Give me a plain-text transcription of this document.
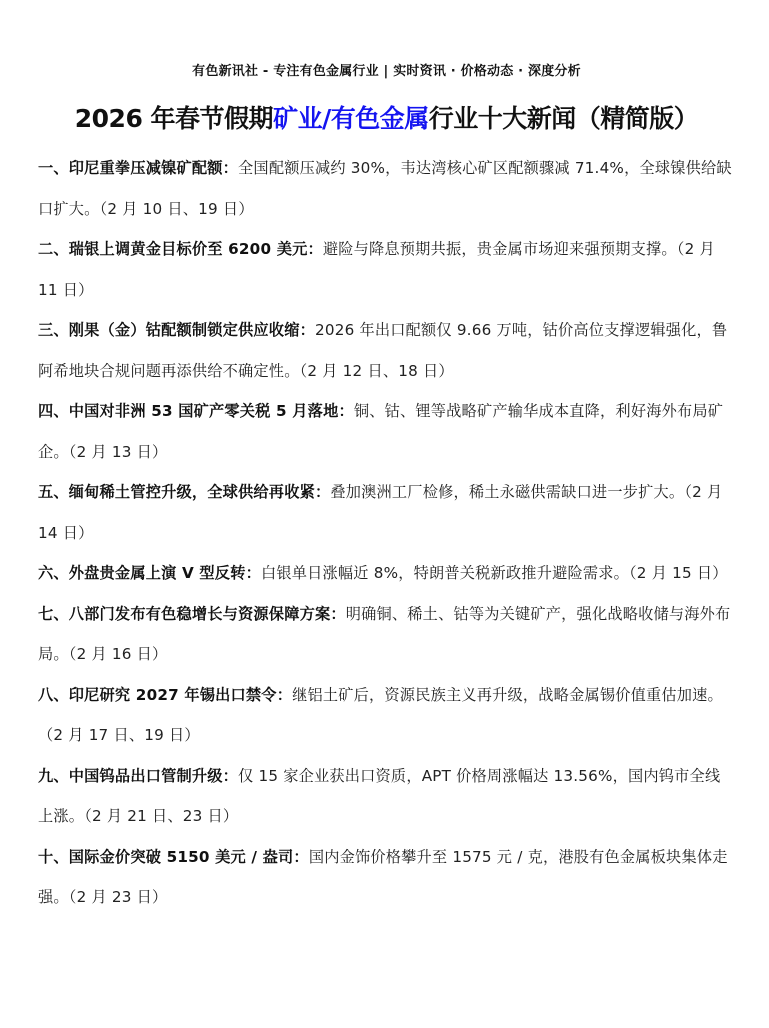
有色新讯社 - 专注有色金属行业 | 实时资讯 · 价格动态 · 深度分析
2026 年春节假期矿业/有色金属行业十大新闻（精简版）
一、印尼重拳压减镍矿配额：全国配额压减约 30%，韦达湾核心矿区配额骤减 71.4%，全球镍供给缺口扩大。（2 月 10 日、19 日）
二、瑞银上调黄金目标价至 6200 美元：避险与降息预期共振，贵金属市场迎来强预期支撑。（2 月 11 日）
三、刚果（金）钴配额制锁定供应收缩：2026 年出口配额仅 9.66 万吨，钴价高位支撑逻辑强化，鲁阿希地块合规问题再添供给不确定性。（2 月 12 日、18 日）
四、中国对非洲 53 国矿产零关税 5 月落地：铜、钴、锂等战略矿产输华成本直降，利好海外布局矿企。（2 月 13 日）
五、缅甸稀土管控升级，全球供给再收紧：叠加澳洲工厂检修，稀土永磁供需缺口进一步扩大。（2 月 14 日）
六、外盘贵金属上演 V 型反转：白银单日涨幅近 8%，特朗普关税新政推升避险需求。（2 月 15 日）
七、八部门发布有色稳增长与资源保障方案：明确铜、稀土、钴等为关键矿产，强化战略收储与海外布局。（2 月 16 日）
八、印尼研究 2027 年锡出口禁令：继铝土矿后，资源民族主义再升级，战略金属锡价值重估加速。（2 月 17 日、19 日）
九、中国钨品出口管制升级：仅 15 家企业获出口资质，APT 价格周涨幅达 13.56%，国内钨市全线上涨。（2 月 21 日、23 日）
十、国际金价突破 5150 美元 / 盎司：国内金饰价格攀升至 1575 元 / 克，港股有色金属板块集体走强。（2 月 23 日）
